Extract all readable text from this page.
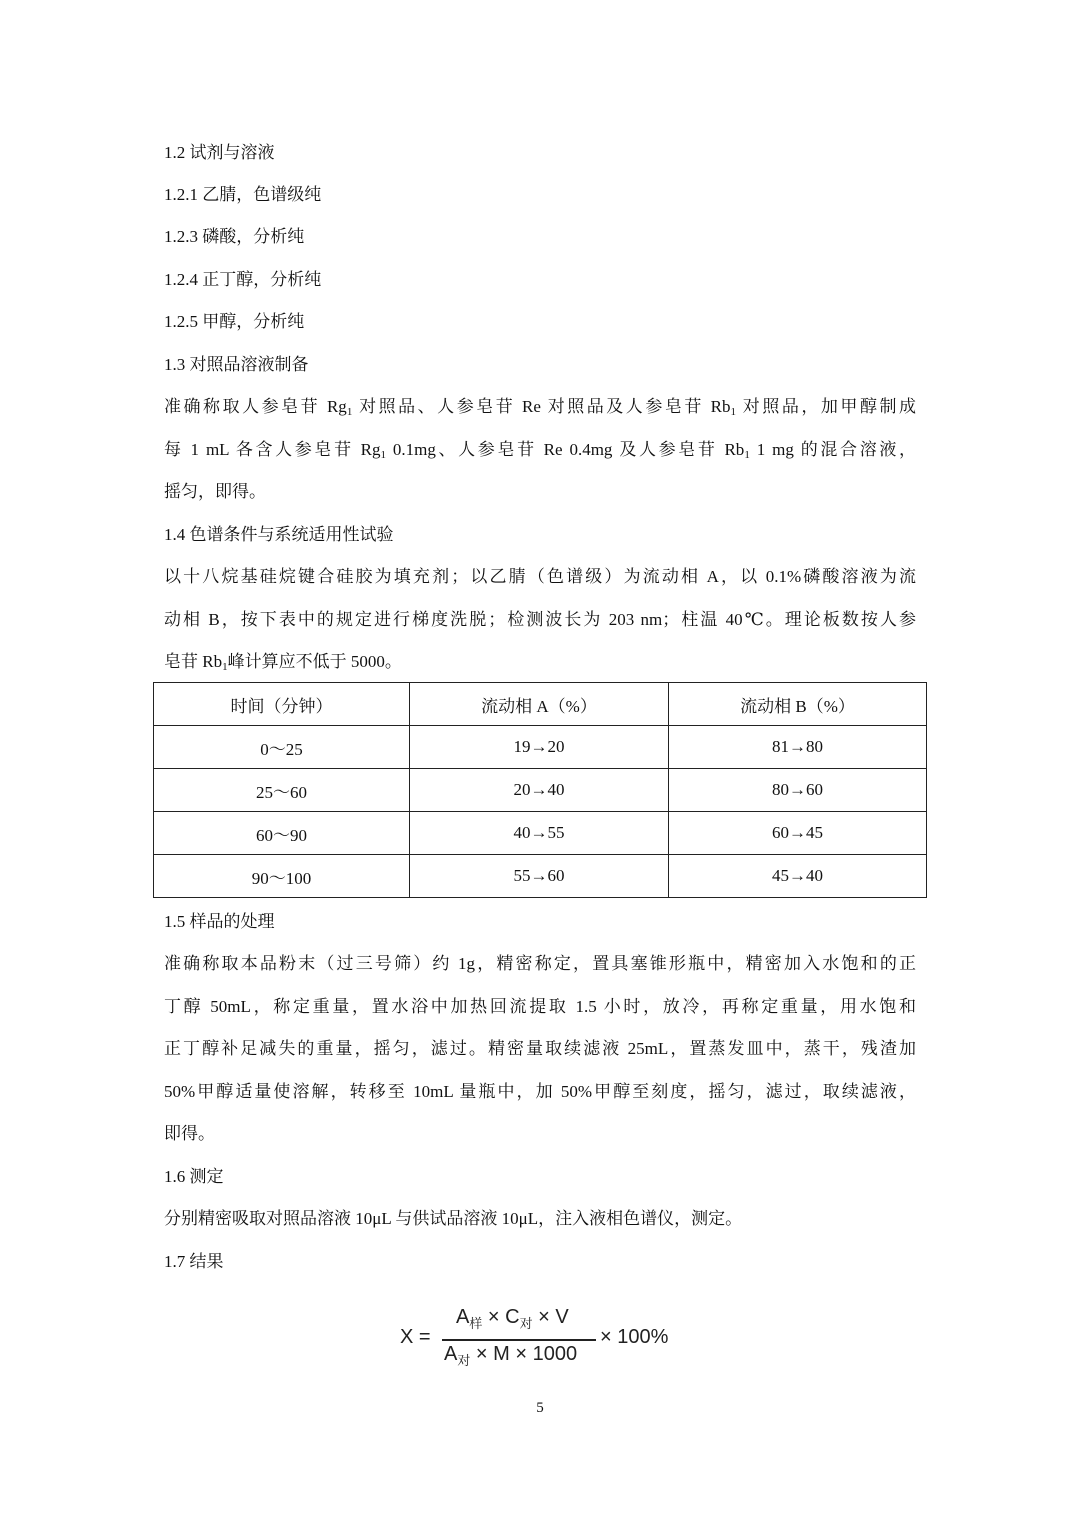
1.2 试剂与溶液
1.2.1 乙腈，色谱级纯
1.2.3 磷酸，分析纯
1.2.4 正丁醇，分析纯
1.2.5 甲醇，分析纯
1.3 对照品溶液制备
准确称取人参皂苷 $Rg_1$ 对照品、人参皂苷 Re 对照品及人参皂苷 $Rb_1$ 对照品，加甲醇制成
每 1 mL 各含人参皂苷 $Rg_1$ 0.1mg、人参皂苷 Re 0.4mg 及人参皂苷 $Rb_1$ 1 mg 的混合溶液，
摇匀，即得。
1.4 色谱条件与系统适用性试验
以十八烷基硅烷键合硅胶为填充剂；以乙腈（色谱级）为流动相 A，以 0.1%磷酸溶液为流
动相 B，按下表中的规定进行梯度洗脱；检测波长为 203 nm；柱温 40℃。理论板数按人参
皂苷 $Rb_1$峰计算应不低于 5000。
时间（分钟）	流动相 A（%）	流动相 B（%）
0～25	19→20	81→80
25～60	20→40	80→60
60～90	40→55	60→45
90～100	55→60	45→40
1.5 样品的处理
准确称取本品粉末（过三号筛）约 1g，精密称定，置具塞锥形瓶中，精密加入水饱和的正
丁醇 50mL，称定重量，置水浴中加热回流提取 1.5 小时，放冷，再称定重量，用水饱和
正丁醇补足减失的重量，摇匀，滤过。精密量取续滤液 25mL，置蒸发皿中，蒸干，残渣加
50%甲醇适量使溶解，转移至 10mL 量瓶中，加 50%甲醇至刻度，摇匀，滤过，取续滤液，
即得。
1.6 测定
分别精密吸取对照品溶液 10μL 与供试品溶液 10μL，注入液相色谱仪，测定。
1.7 结果
X =
$A_样 \times C_对 \times V$
$A_对 \times M \times 1000$
× 100%
5
